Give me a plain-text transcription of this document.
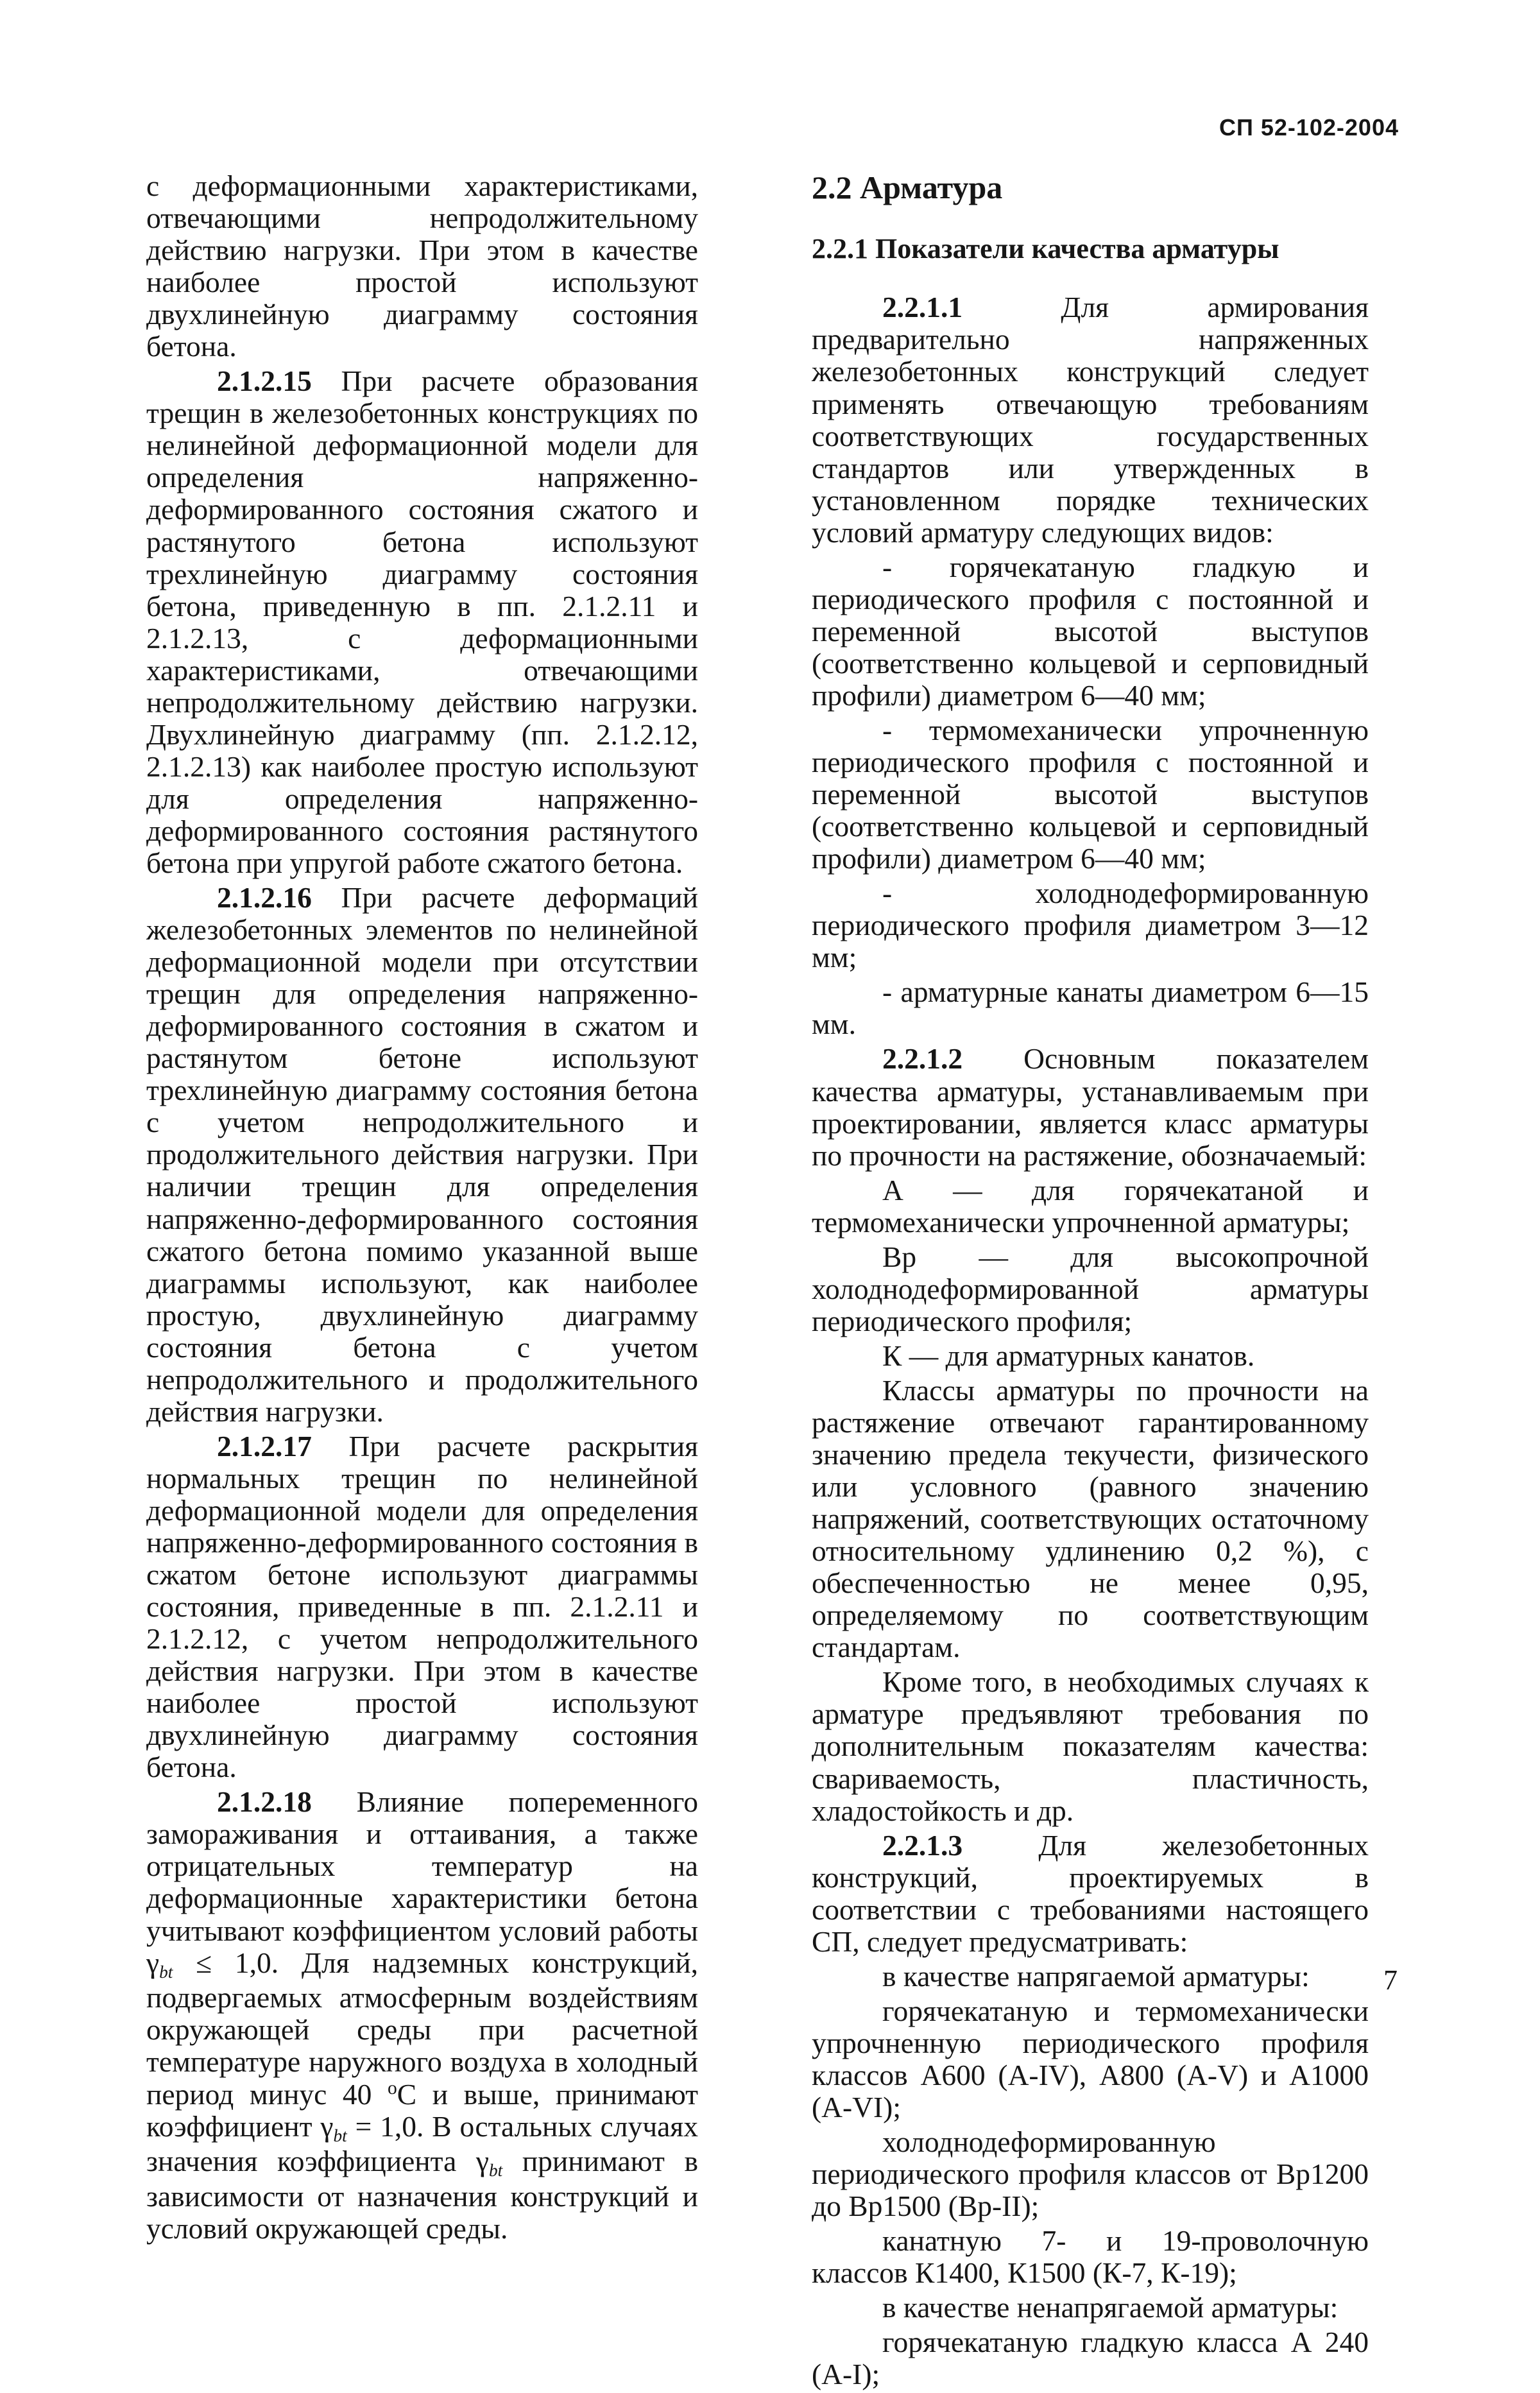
СП 52-102-2004

с деформационными характеристиками, отвечающими непродолжительному действию нагрузки. При этом в качестве наиболее простой используют двухлинейную диаграмму состояния бетона.

2.1.2.15 При расчете образования трещин в железобетонных конструкциях по нелинейной деформационной модели для определения напряженно-деформированного состояния сжатого и растянутого бетона используют трехлинейную диаграмму состояния бетона, приведенную в пп. 2.1.2.11 и 2.1.2.13, с деформационными характеристиками, отвечающими непродолжительному действию нагрузки. Двухлинейную диаграмму (пп. 2.1.2.12, 2.1.2.13) как наиболее простую используют для определения напряженно-деформированного состояния растянутого бетона при упругой работе сжатого бетона.

2.1.2.16 При расчете деформаций железобетонных элементов по нелинейной деформационной модели при отсутствии трещин для определения напряженно-деформированного состояния в сжатом и растянутом бетоне используют трехлинейную диаграмму состояния бетона с учетом непродолжительного и продолжительного действия нагрузки. При наличии трещин для определения напряженно-деформированного состояния сжатого бетона помимо указанной выше диаграммы используют, как наиболее простую, двухлинейную диаграмму состояния бетона с учетом непродолжительного и продолжительного действия нагрузки.

2.1.2.17 При расчете раскрытия нормальных трещин по нелинейной деформационной модели для определения напряженно-деформированного состояния в сжатом бетоне используют диаграммы состояния, приведенные в пп. 2.1.2.11 и 2.1.2.12, с учетом непродолжительного действия нагрузки. При этом в качестве наиболее простой используют двухлинейную диаграмму состояния бетона.

2.1.2.18 Влияние попеременного замораживания и оттаивания, а также отрицательных температур на деформационные характеристики бетона учитывают коэффициентом условий работы $\gamma_{bt} \le 1,0$. Для надземных конструкций, подвергаемых атмосферным воздействиям окружающей среды при расчетной температуре наружного воздуха в холодный период минус 40 $^о$С и выше, принимают коэффициент $\gamma_{bt} = 1,0$. В остальных случаях значения коэффициента $\gamma_{bt}$ принимают в зависимости от назначения конструкций и условий окружающей среды.

2.2 Арматура

2.2.1 Показатели качества арматуры

2.2.1.1 Для армирования предварительно напряженных железобетонных конструкций следует применять отвечающую требованиям соответствующих государственных стандартов или утвержденных в установленном порядке технических условий арматуру следующих видов:

- горячекатаную гладкую и периодического профиля с постоянной и переменной высотой выступов (соответственно кольцевой и серповидный профили) диаметром 6—40 мм;

- термомеханически упрочненную периодического профиля с постоянной и переменной высотой выступов (соответственно кольцевой и серповидный профили) диаметром 6—40 мм;

- холоднодеформированную периодического профиля диаметром 3—12 мм;

- арматурные канаты диаметром 6—15 мм.

2.2.1.2 Основным показателем качества арматуры, устанавливаемым при проектировании, является класс арматуры по прочности на растяжение, обозначаемый:

А — для горячекатаной и термомеханически упрочненной арматуры;

Вр — для высокопрочной холоднодеформированной арматуры периодического профиля;

К — для арматурных канатов.

Классы арматуры по прочности на растяжение отвечают гарантированному значению предела текучести, физического или условного (равного значению напряжений, соответствующих остаточному относительному удлинению 0,2 %), с обеспеченностью не менее 0,95, определяемому по соответствующим стандартам.

Кроме того, в необходимых случаях к арматуре предъявляют требования по дополнительным показателям качества: свариваемость, пластичность, хладостойкость и др.

2.2.1.3 Для железобетонных конструкций, проектируемых в соответствии с требованиями настоящего СП, следует предусматривать:

в качестве напрягаемой арматуры:

горячекатаную и термомеханически упрочненную периодического профиля классов А600 (A-IV), А800 (A-V) и А1000 (A-VI);

холоднодеформированную периодического профиля классов от Вр1200 до Вр1500 (Вр-II);

канатную 7- и 19-проволочную классов К1400, К1500 (К-7, К-19);

в качестве ненапрягаемой арматуры:

горячекатаную гладкую класса А 240 (А-I);

7
